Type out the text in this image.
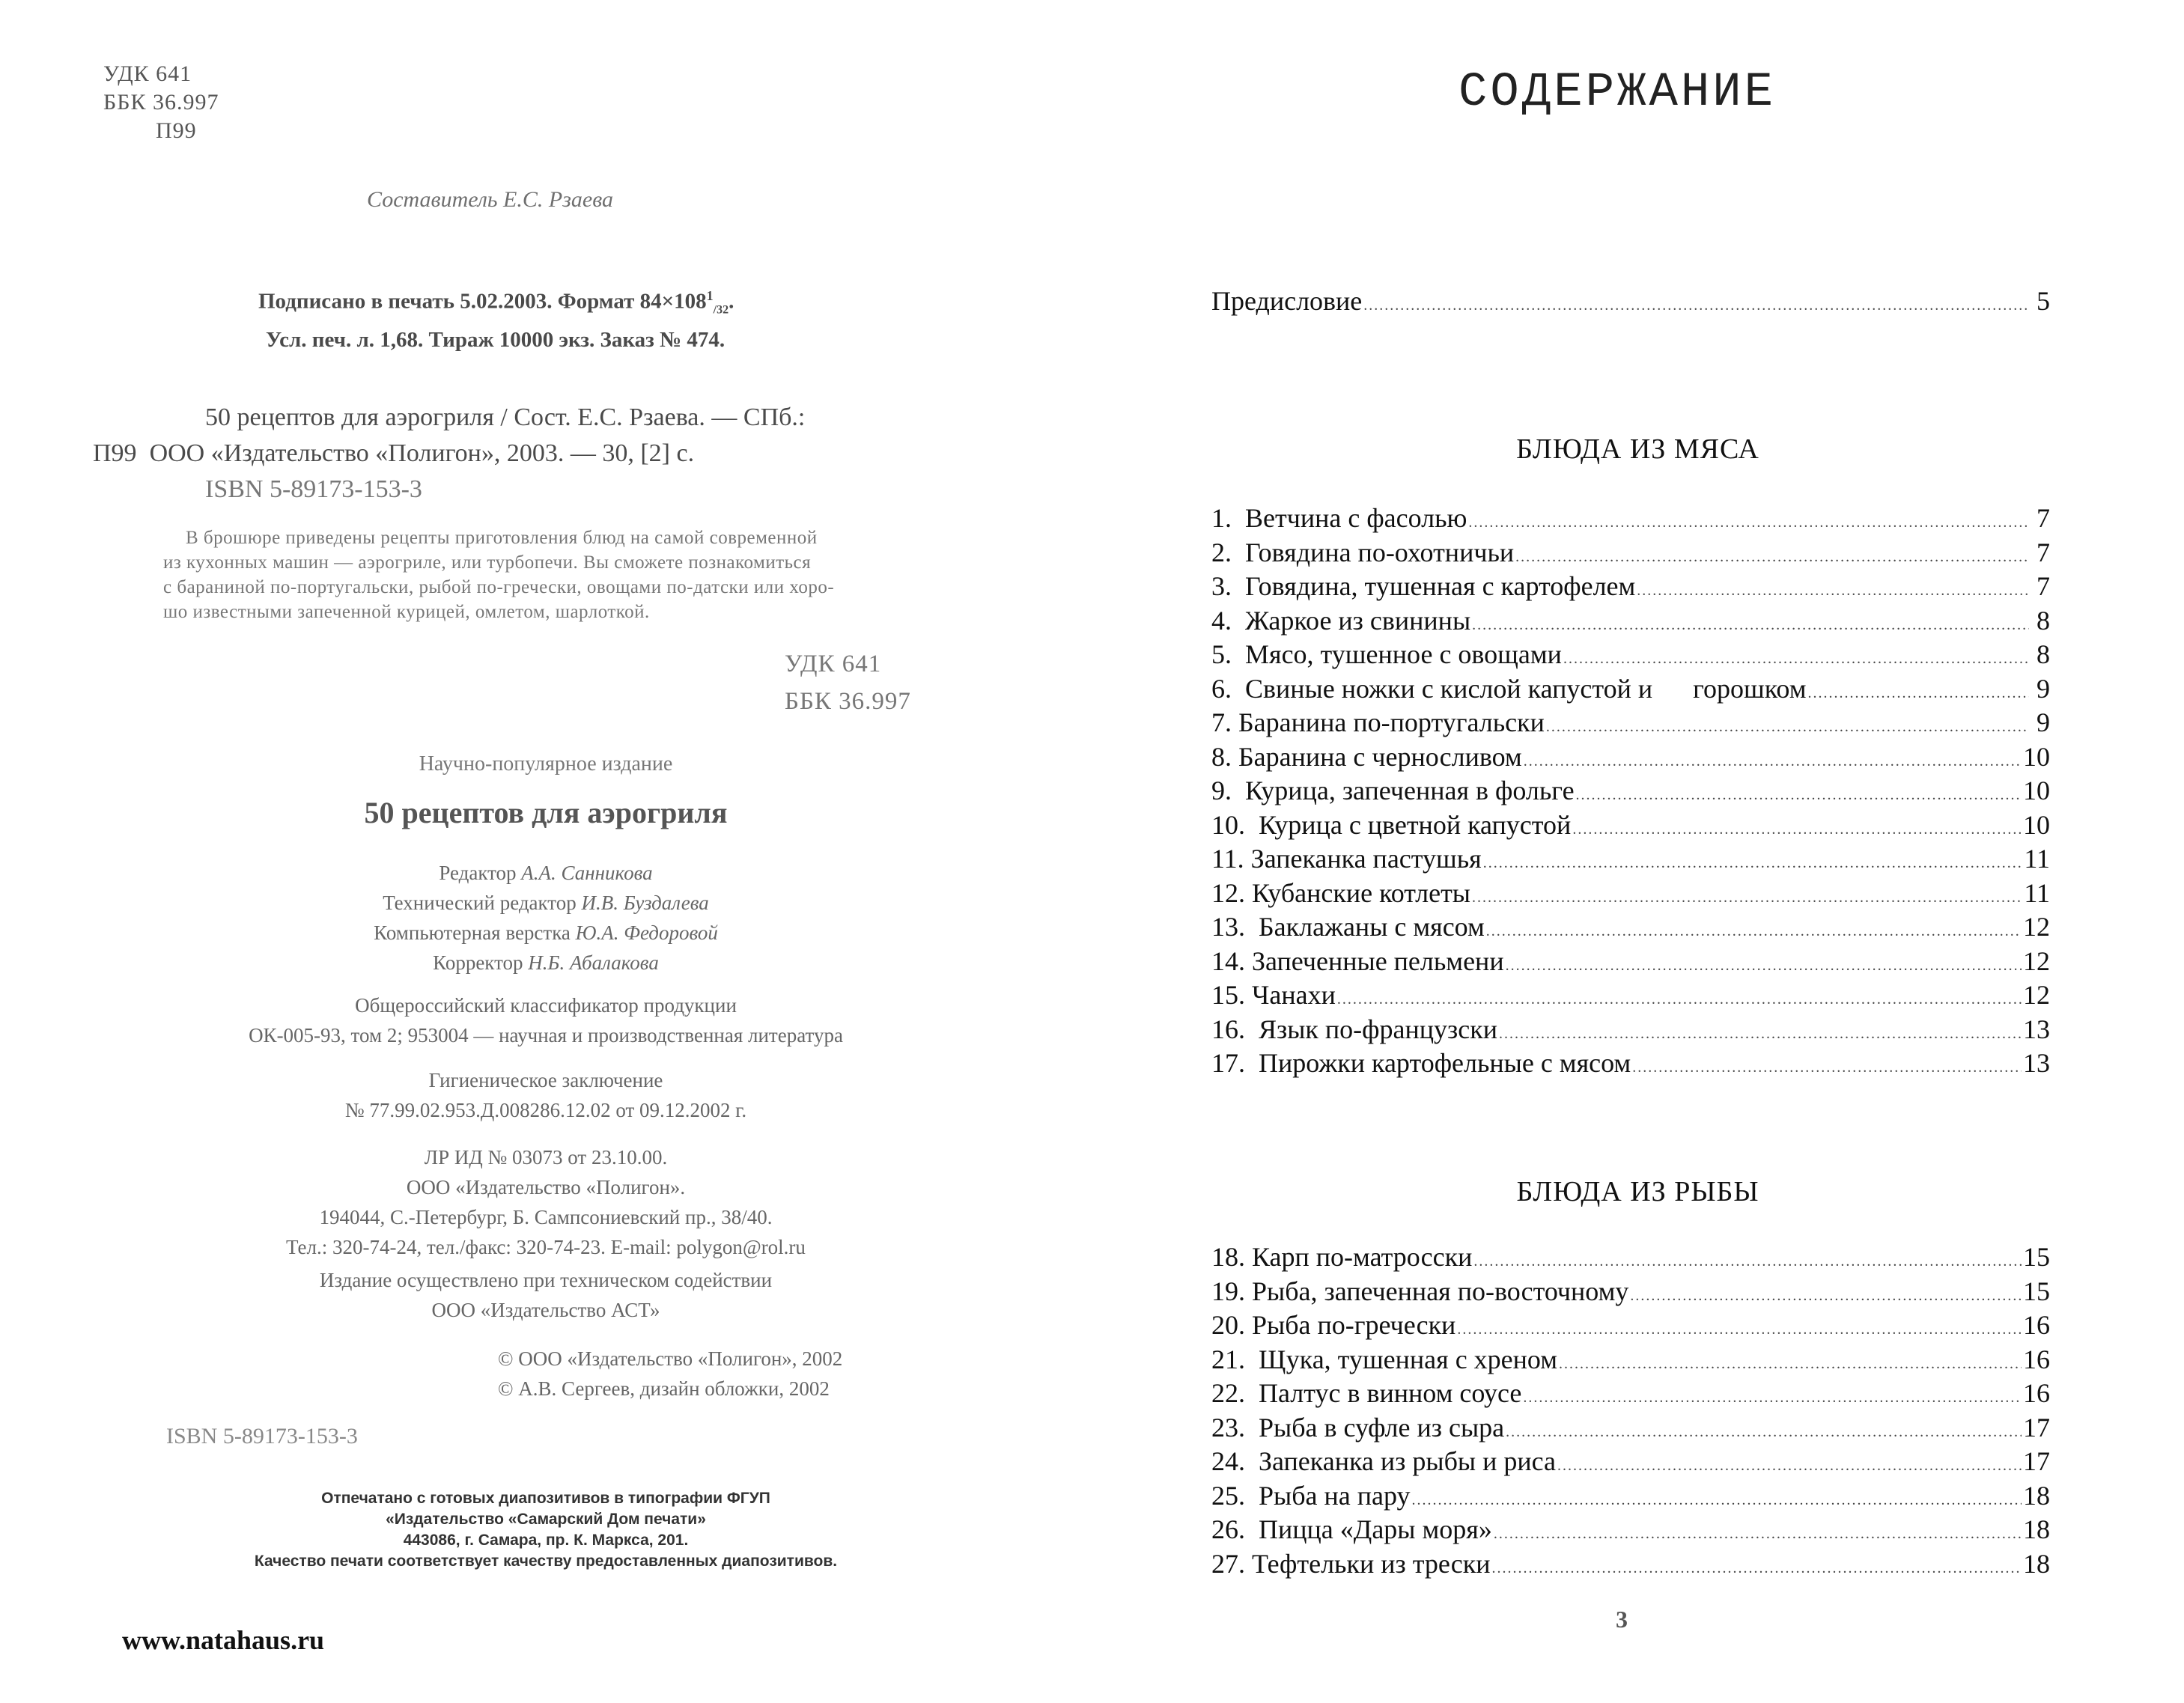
УДК 641
ББК 36.997
П99
Составитель Е.С. Рзаева
Подписано в печать 5.02.2003. Формат $84\times 108^1_{/32}$.
Усл. печ. л. 1,68. Тираж 10000 экз. Заказ № 474.
50 рецептов для аэрогриля / Сост. Е.С. Рзаева. — СПб.:
П99 ООО «Издательство «Полигон», 2003. — 30, [2] с.
ISBN 5-89173-153-3
В брошюре приведены рецепты приготовления блюд на самой современной
из кухонных машин — аэрогриле, или турбопечи. Вы сможете познакомиться
с бараниной по-португальски, рыбой по-гречески, овощами по-датски или хоро-
шо известными запеченной курицей, омлетом, шарлоткой.
УДК 641
ББК 36.997
Научно-популярное издание
50 рецептов для аэрогриля
Редактор А.А. Санникова
Технический редактор И.В. Буздалева
Компьютерная верстка Ю.А. Федоровой
Корректор Н.Б. Абалакова
Общероссийский классификатор продукции
ОК-005-93, том 2; 953004 — научная и производственная литература
Гигиеническое заключение
№ 77.99.02.953.Д.008286.12.02 от 09.12.2002 г.
ЛР ИД № 03073 от 23.10.00.
ООО «Издательство «Полигон».
194044, С.-Петербург, Б. Сампсониевский пр., 38/40.
Тел.: 320-74-24, тел./факс: 320-74-23. E-mail: polygon@rol.ru
Издание осуществлено при техническом содействии
ООО «Издательство АСТ»
© ООО «Издательство «Полигон», 2002
© А.В. Сергеев, дизайн обложки, 2002
ISBN 5-89173-153-3
Отпечатано с готовых диапозитивов в типографии ФГУП
«Издательство «Самарский Дом печати»
443086, г. Самара, пр. К. Маркса, 201.
Качество печати соответствует качеству предоставленных диапозитивов.
www.natahaus.ru
СОДЕРЖАНИЕ
Предисловие .....	5
БЛЮДА ИЗ МЯСА
1.  Ветчина с фасолью .....	7
2.  Говядина по-охотничьи .....	7
3.  Говядина, тушенная с картофелем .....	7
4.  Жаркое из свинины .....	8
5.  Мясо, тушенное с овощами .....	8
6.  Свиные ножки с кислой капустой и      горошком .....	9
7. Баранина по-португальски .....	9
8. Баранина с черносливом .....	10
9.  Курица, запеченная в фольге .....	10
10.  Курица с цветной капустой .....	10
11. Запеканка пастушья .....	11
12. Кубанские котлеты .....	11
13.  Баклажаны с мясом .....	12
14. Запеченные пельмени .....	12
15. Чанахи .....	12
16.  Язык по-французски .....	13
17.  Пирожки картофельные с мясом .....	13
БЛЮДА ИЗ РЫБЫ
18. Карп по-матросски .....	15
19. Рыба, запеченная по-восточному .....	15
20. Рыба по-гречески .....	16
21.  Щука, тушенная с хреном .....	16
22.  Палтус в винном соусе .....	16
23.  Рыба в суфле из сыра .....	17
24.  Запеканка из рыбы и риса .....	17
25.  Рыба на пару .....	18
26.  Пицца «Дары моря» .....	18
27. Тефтельки из трески .....	18
3
